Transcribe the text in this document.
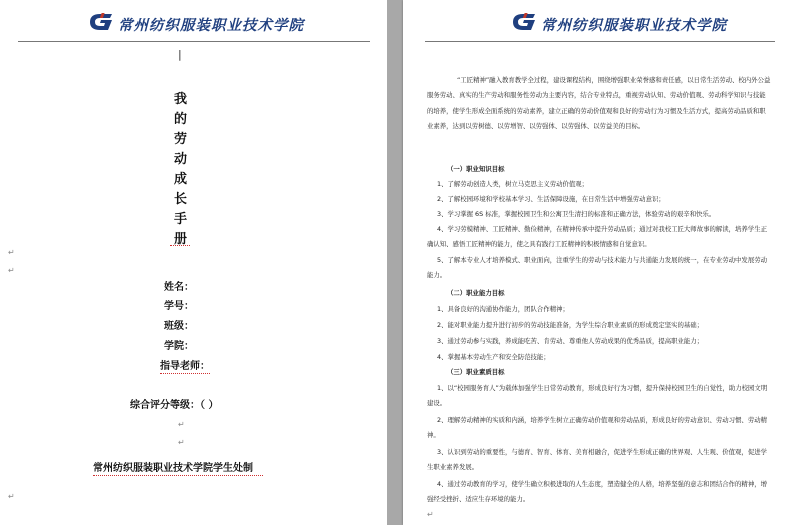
常州纺织服装职业技术学院
|
我
的
劳
动
成
长
手
册
↵
↵
姓名：
学号：
班级：
学院：
指导老师：
综合评分等级：（ ）
↵
↵
常州纺织服装职业技术学院学生处制
↵
常州纺织服装职业技术学院

“工匠精神”融入教育教学全过程，建设课程结构，围绕增强职业荣誉感和责任感，以日常生活劳动、校内外公益服务劳动、真实的生产劳动和服务性劳动为主要内容，结合专业特点，重视劳动认知、劳动价值观、劳动科学知识与技能的培养，使学生形成全面系统的劳动素养，建立正确的劳动价值观和良好的劳动行为习惯及生活方式，提高劳动品质和职业素养，达到以劳树德、以劳增智、以劳强体、以劳强体、以劳益美的目标。

（一）职业知识目标

1、了解劳动创造人类，树立马克思主义劳动价值观；

2、了解校园环境和学校基本学习、生活保障设施，在日常生活中增强劳动意识；

3、学习掌握 6S 标准，掌握校园卫生和公寓卫生清扫的标准和正确方法，体验劳动的艰辛和快乐。

4、学习劳模精神、工匠精神、勤俭精神，在精神传承中提升劳动品质；通过对我校工匠大师故事的解读，培养学生正确认知、感悟工匠精神的能力，使之具有践行工匠精神的积极情感和自觉意识。

5、了解本专业人才培养模式、职业面向，注重学生的劳动与技术能力与共通能力发展的统一，在专业劳动中发展劳动能力。

（二）职业能力目标

1、具备良好的沟通协作能力，团队合作精神；

2、能对职业能力提升进行初步的劳动技能准备，为学生综合职业素质的形成奠定坚实的基础；

3、通过劳动参与实践，养成能吃苦、肯劳动、尊重他人劳动成果的优秀品质，提高职业能力；

4、掌握基本劳动生产和安全防范技能；

（三）职业素质目标

1、以“校园服务育人”为载体加强学生日常劳动教育，形成良好行为习惯，提升保持校园卫生的自觉性，助力校园文明建设。

2、理解劳动精神的实质和内涵，培养学生树立正确劳动价值观和劳动品质，形成良好的劳动意识、劳动习惯、劳动精神。

3、认识到劳动的重要性，与德育、智育、体育、美育相融合，促进学生形成正确的世界观、人生观、价值观，促进学生职业素养发展。

4、通过劳动教育的学习，使学生确立积极进取的人生态度，塑造健全的人格，培养坚强的意志和团结合作的精神，增强经受挫折、适应生存环境的能力。

↵
